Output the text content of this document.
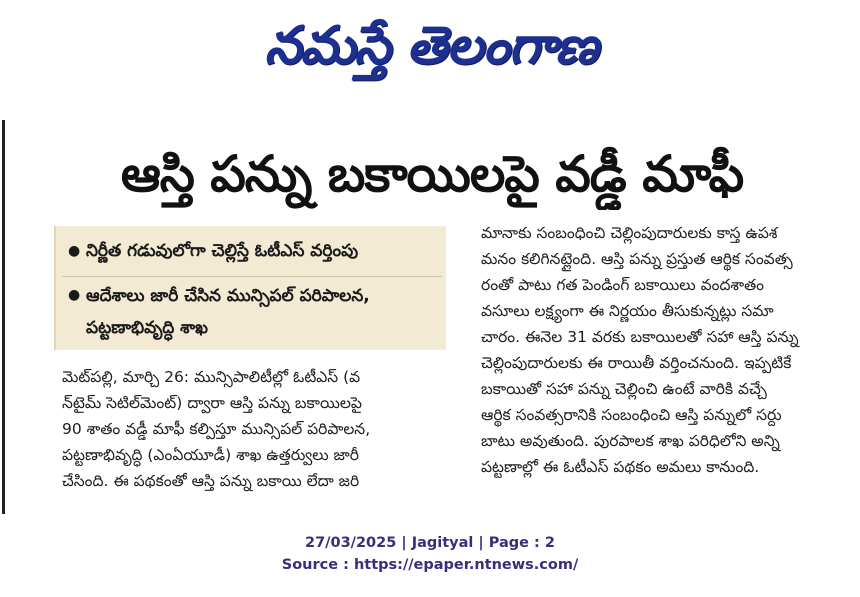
నమస్తే తెలంగాణ
ఆస్తి పన్ను బకాయిలపై వడ్డీ మాఫీ
● నిర్ణీత గడువులోగా చెల్లిస్తే ఓటీఎస్ వర్తింపు
● ఆదేశాలు జారీ చేసిన మున్సిపల్ పరిపాలన, పట్టణాభివృద్ధి శాఖ
మెట్‌పల్లి, మార్చి 26: మున్సిపాలిటీల్లో ఓటీఎస్ (వ
న్‌టైమ్ సెటిల్‌మెంట్) ద్వారా ఆస్తి పన్ను బకాయిలపై
90 శాతం వడ్డీ మాఫీ కల్పిస్తూ మున్సిపల్ పరిపాలన,
పట్టణాభివృద్ధి (ఎంఏయూడీ) శాఖ ఉత్తర్వులు జారీ
చేసింది. ఈ పథకంతో ఆస్తి పన్ను బకాయి లేదా జరి
మానాకు సంబంధించి చెల్లింపుదారులకు కాస్త ఉపశ
మనం కలిగినట్లైంది. ఆస్తి పన్ను ప్రస్తుత ఆర్థిక సంవత్స
రంతో పాటు గత పెండింగ్ బకాయిలు వందశాతం
వసూలు లక్ష్యంగా ఈ నిర్ణయం తీసుకున్నట్లు సమా
చారం. ఈనెల 31 వరకు బకాయిలతో సహా ఆస్తి పన్ను
చెల్లింపుదారులకు ఈ రాయితీ వర్తించనుంది. ఇప్పటికే
బకాయితో సహా పన్ను చెల్లించి ఉంటే వారికి వచ్చే
ఆర్థిక సంవత్సరానికి సంబంధించి ఆస్తి పన్నులో సర్దు
బాటు అవుతుంది. పురపాలక శాఖ పరిధిలోని అన్ని
పట్టణాల్లో ఈ ఓటీఎస్ పథకం అమలు కానుంది.
27/03/2025 | Jagityal | Page : 2
Source : https://epaper.ntnews.com/
